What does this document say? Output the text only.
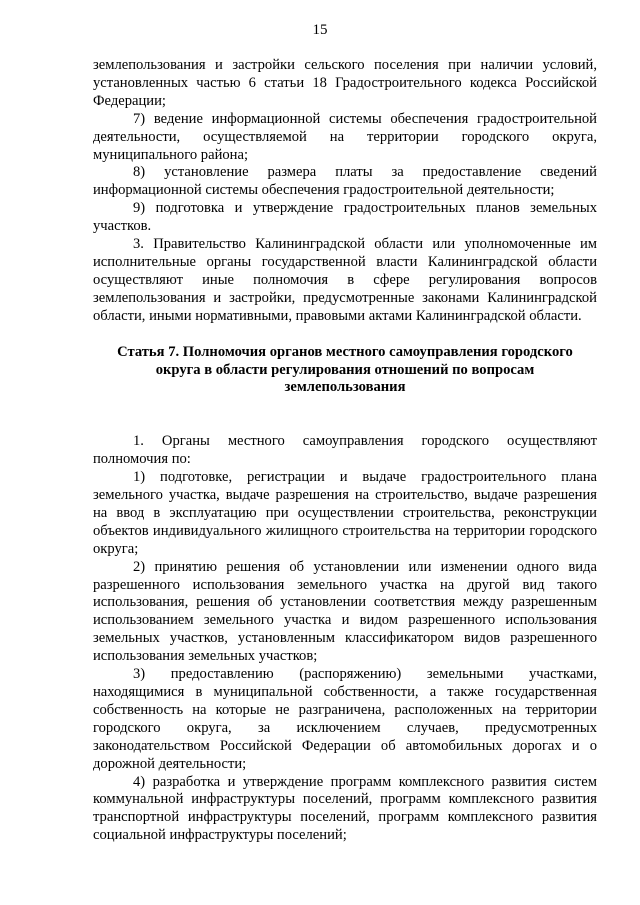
15

землепользования и застройки сельского поселения при наличии условий, установленных частью 6 статьи 18 Градостроительного кодекса Российской Федерации;

7) ведение информационной системы обеспечения градостроительной деятельности, осуществляемой на территории городского округа, муниципального района;

8) установление размера платы за предоставление сведений информационной системы обеспечения градостроительной деятельности;

9) подготовка и утверждение градостроительных планов земельных участков.

3. Правительство Калининградской области или уполномоченные им исполнительные органы государственной власти Калининградской области осуществляют иные полномочия в сфере регулирования вопросов землепользования и застройки, предусмотренные законами Калининградской области, иными нормативными, правовыми актами Калининградской области.

Статья 7. Полномочия органов местного самоуправления городского округа в области регулирования отношений по вопросам землепользования

1. Органы местного самоуправления городского осуществляют полномочия по:

1) подготовке, регистрации и выдаче градостроительного плана земельного участка, выдаче разрешения на строительство, выдаче разрешения на ввод в эксплуатацию при осуществлении строительства, реконструкции объектов индивидуального жилищного строительства на территории городского округа;

2) принятию решения об установлении или изменении одного вида разрешенного использования земельного участка на другой вид такого использования, решения об установлении соответствия между разрешенным использованием земельного участка и видом разрешенного использования земельных участков, установленным классификатором видов разрешенного использования земельных участков;

3) предоставлению (распоряжению) земельными участками, находящимися в муниципальной собственности, а также государственная собственность на которые не разграничена, расположенных на территории городского округа, за исключением случаев, предусмотренных законодательством Российской Федерации об автомобильных дорогах и о дорожной деятельности;

4) разработка и утверждение программ комплексного развития систем коммунальной инфраструктуры поселений, программ комплексного развития транспортной инфраструктуры поселений, программ комплексного развития социальной инфраструктуры поселений;
